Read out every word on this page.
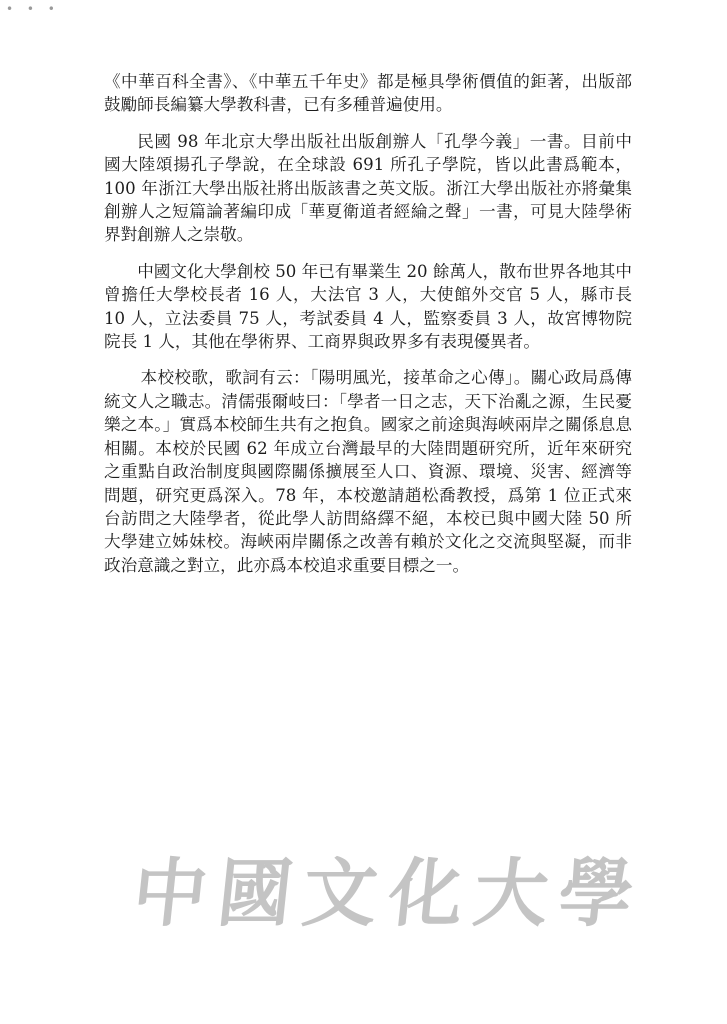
• • •

《中華百科全書》、《中華五千年史》都是極具學術價值的鉅著，出版部鼓勵師長編纂大學教科書，已有多種普遍使用。

民國 98 年北京大學出版社出版創辦人「孔學今義」一書。目前中國大陸頌揚孔子學說，在全球設 691 所孔子學院，皆以此書爲範本，100 年浙江大學出版社將出版該書之英文版。浙江大學出版社亦將彙集創辦人之短篇論著編印成「華夏衛道者經綸之聲」一書，可見大陸學術界對創辦人之崇敬。

中國文化大學創校 50 年已有畢業生 20 餘萬人，散布世界各地其中曾擔任大學校長者 16 人，大法官 3 人，大使館外交官 5 人，縣市長 10 人，立法委員 75 人，考試委員 4 人，監察委員 3 人，故宮博物院院長 1 人，其他在學術界、工商界與政界多有表現優異者。

本校校歌，歌詞有云：「陽明風光，接革命之心傳」。關心政局爲傳統文人之職志。清儒張爾岐曰：「學者一日之志，天下治亂之源，生民憂樂之本。」實爲本校師生共有之抱負。國家之前途與海峽兩岸之關係息息相關。本校於民國 62 年成立台灣最早的大陸問題研究所，近年來研究之重點自政治制度與國際關係擴展至人口、資源、環境、災害、經濟等問題，研究更爲深入。78 年，本校邀請趙松喬教授，爲第 1 位正式來台訪問之大陸學者，從此學人訪問絡繹不絕，本校已與中國大陸 50 所大學建立姊妹校。海峽兩岸關係之改善有賴於文化之交流與堅凝，而非政治意識之對立，此亦爲本校追求重要目標之一。

中 國 文 化 大 學
